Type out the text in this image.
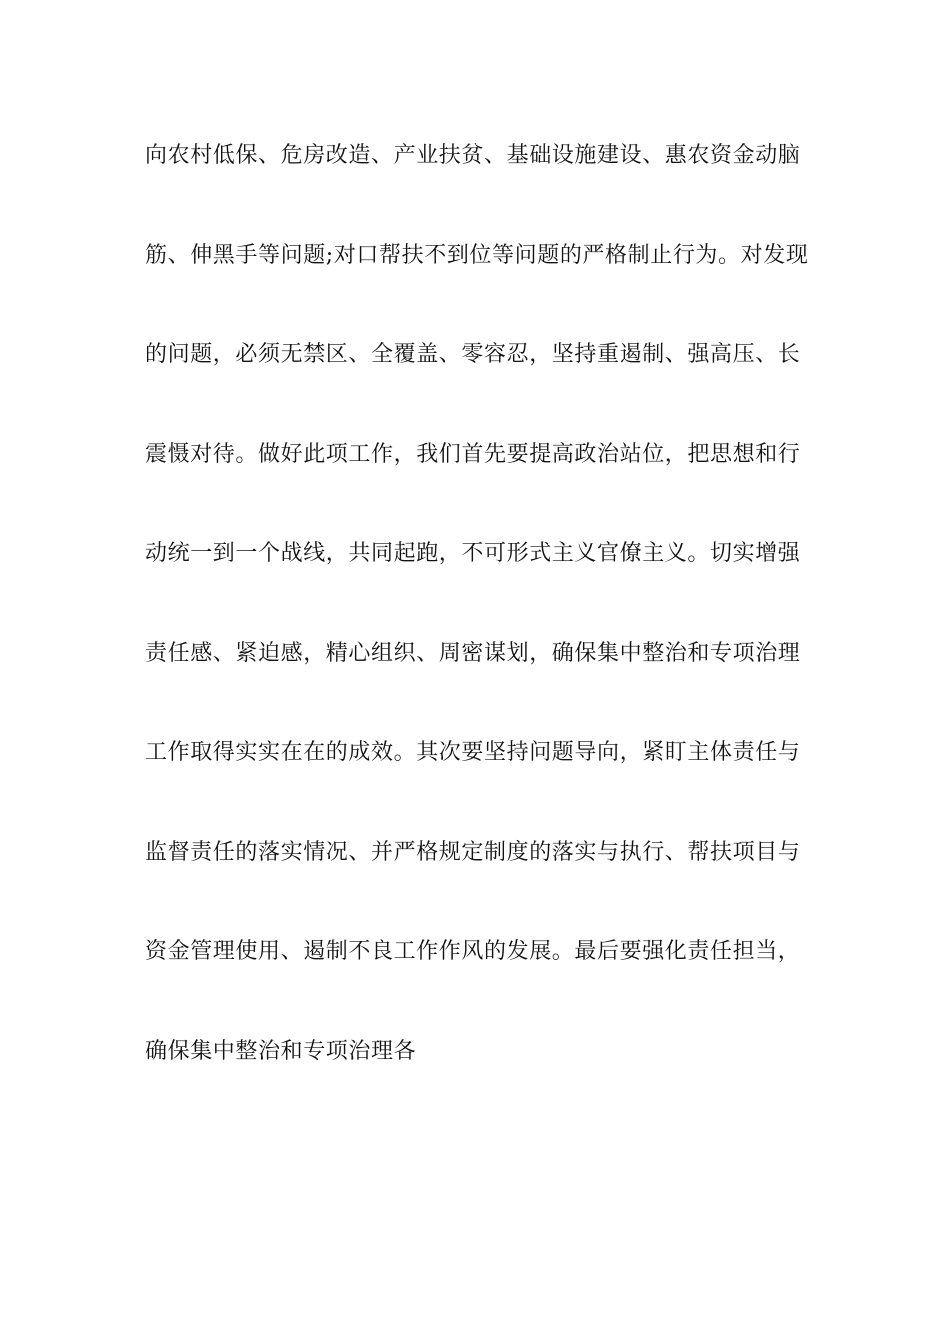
向农村低保、危房改造、产业扶贫、基础设施建设、惠农资金动脑
筋、伸黑手等问题;对口帮扶不到位等问题的严格制止行为。对发现
的问题，必须无禁区、全覆盖、零容忍，坚持重遏制、强高压、长
震慑对待。做好此项工作，我们首先要提高政治站位，把思想和行
动统一到一个战线，共同起跑，不可形式主义官僚主义。切实增强
责任感、紧迫感，精心组织、周密谋划，确保集中整治和专项治理
工作取得实实在在的成效。其次要坚持问题导向，紧盯主体责任与
监督责任的落实情况、并严格规定制度的落实与执行、帮扶项目与
资金管理使用、遏制不良工作作风的发展。最后要强化责任担当，
确保集中整治和专项治理各
